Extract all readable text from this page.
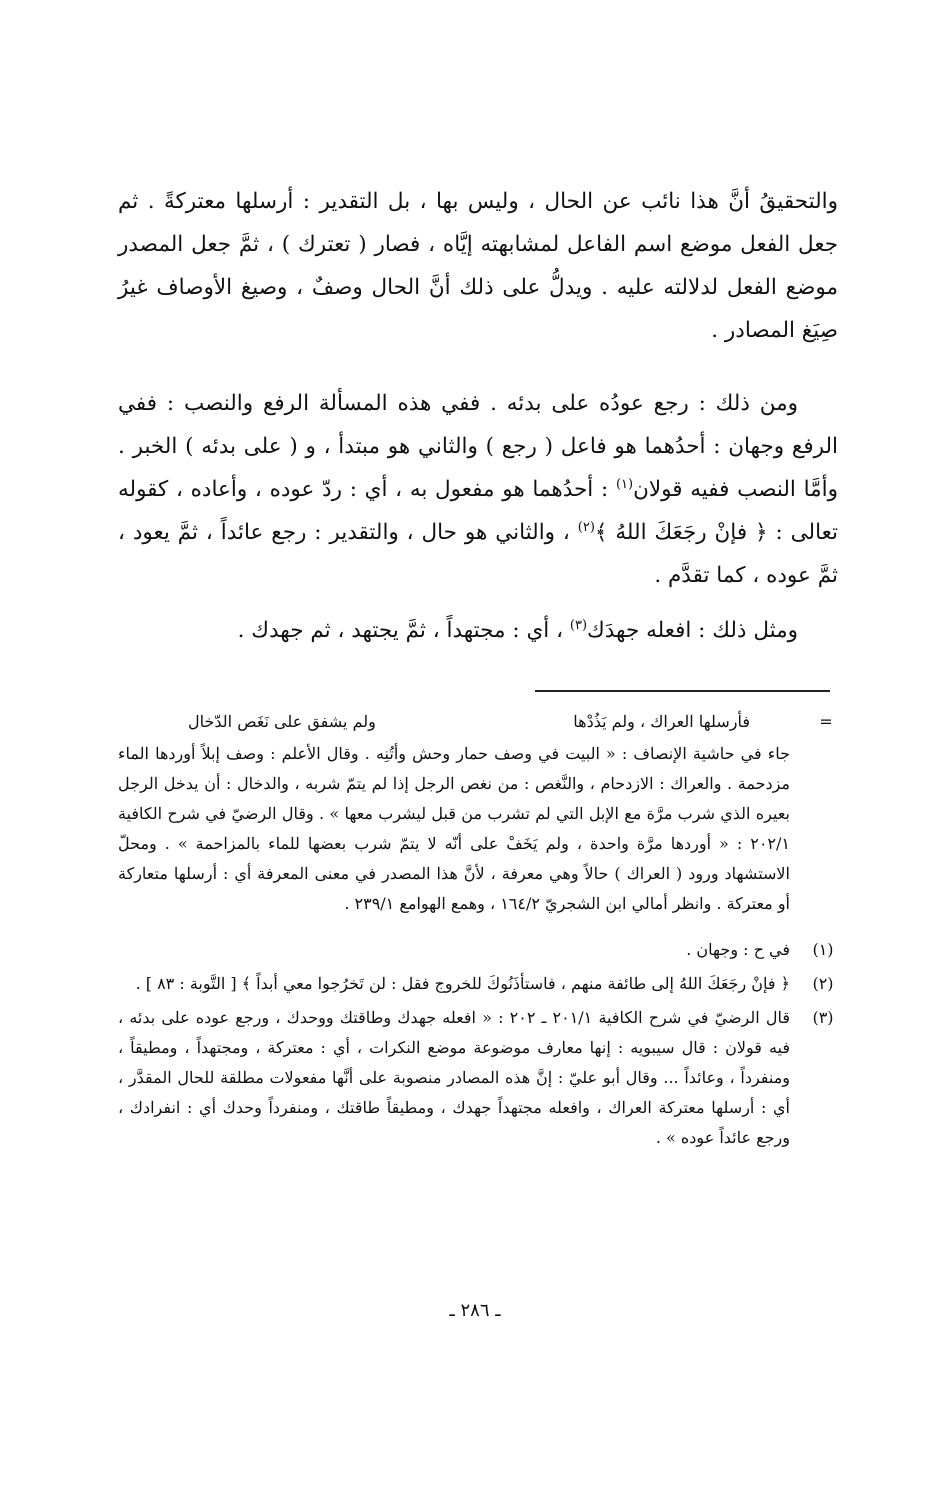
والتحقيقُ أنَّ هذا نائب عن الحال ، وليس بها ، بل التقدير : أرسلها معتركةً . ثم جعل الفعل موضع اسم الفاعل لمشابهته إيَّاه ، فصار ( تعترك ) ، ثمَّ جعل المصدر موضع الفعل لدلالته عليه . ويدلُّ على ذلك أنَّ الحال وصفٌ ، وصيغ الأوصاف غيرُ صِيَغ المصادر .

ومن ذلك : رجع عودُه على بدئه . ففي هذه المسألة الرفع والنصب : ففي الرفع وجهان : أحدُهما هو فاعل ( رجع ) والثاني هو مبتدأ ، و ( على بدئه ) الخبر . وأمَّا النصب ففيه قولان$^{(١)}$ : أحدُهما هو مفعول به ، أي : ردّ عوده ، وأعاده ، كقوله تعالى : ﴿ فإنْ رجَعَكَ اللهُ ﴾$^{(٢)}$ ، والثاني هو حال ، والتقدير : رجع عائداً ، ثمَّ يعود ، ثمَّ عوده ، كما تقدَّم .

ومثل ذلك : افعله جهدَك$^{(٣)}$ ، أي : مجتهداً ، ثمَّ يجتهد ، ثم جهدك .

=
فأرسلها العراك ، ولم يَذُدْها
ولم يشفق على نَغَص الدّخال

جاء في حاشية الإنصاف : « البيت في وصف حمار وحش وأتُنِه . وقال الأعلم : وصف إبلاً أوردها الماء مزدحمة . والعراك : الازدحام ، والنَّغص : من نغص الرجل إذا لم يتمّ شربه ، والدخال : أن يدخل الرجل بعيره الذي شرب مرَّة مع الإبل التي لم تشرب من قبل ليشرب معها » . وقال الرضيّ في شرح الكافية ٢٠٢/١ : « أوردها مرَّة واحدة ، ولم يَخَفْ على أنّه لا يتمّ شرب بعضها للماء بالمزاحمة » . ومحلّ الاستشهاد ورود ( العراك ) حالاً وهي معرفة ، لأنَّ هذا المصدر في معنى المعرفة أي : أرسلها متعاركة أو معتركة . وانظر أمالي ابن الشجريّ ١٦٤/٢ ، وهمع الهوامع ٢٣٩/١ .

(١)

في ح : وجهان .

(٢)

﴿ فإنْ رجَعَكَ اللهُ إلى طائفة منهم ، فاستأذَنُوكَ للخروج فقل : لن تَخرُجوا معي أبداً ﴾ [ التَّوبة : ٨٣ ] .

(٣)

قال الرضيّ في شرح الكافية ٢٠١/١ ـ ٢٠٢ : « افعله جهدك وطاقتك ووحدك ، ورجع عوده على بدئه ، فيه قولان : قال سيبويه : إنها معارف موضوعة موضع النكرات ، أي : معتركة ، ومجتهداً ، ومطيقاً ، ومنفرداً ، وعائداً ... وقال أبو عليّ : إنَّ هذه المصادر منصوبة على أنَّها مفعولات مطلقة للحال المقدَّر ، أي : أرسلها معتركة العراك ، وافعله مجتهداً جهدك ، ومطيقاً طاقتك ، ومنفرداً وحدك أي : انفرادك ، ورجع عائداً عوده » .

ـ ٢٨٦ ـ
